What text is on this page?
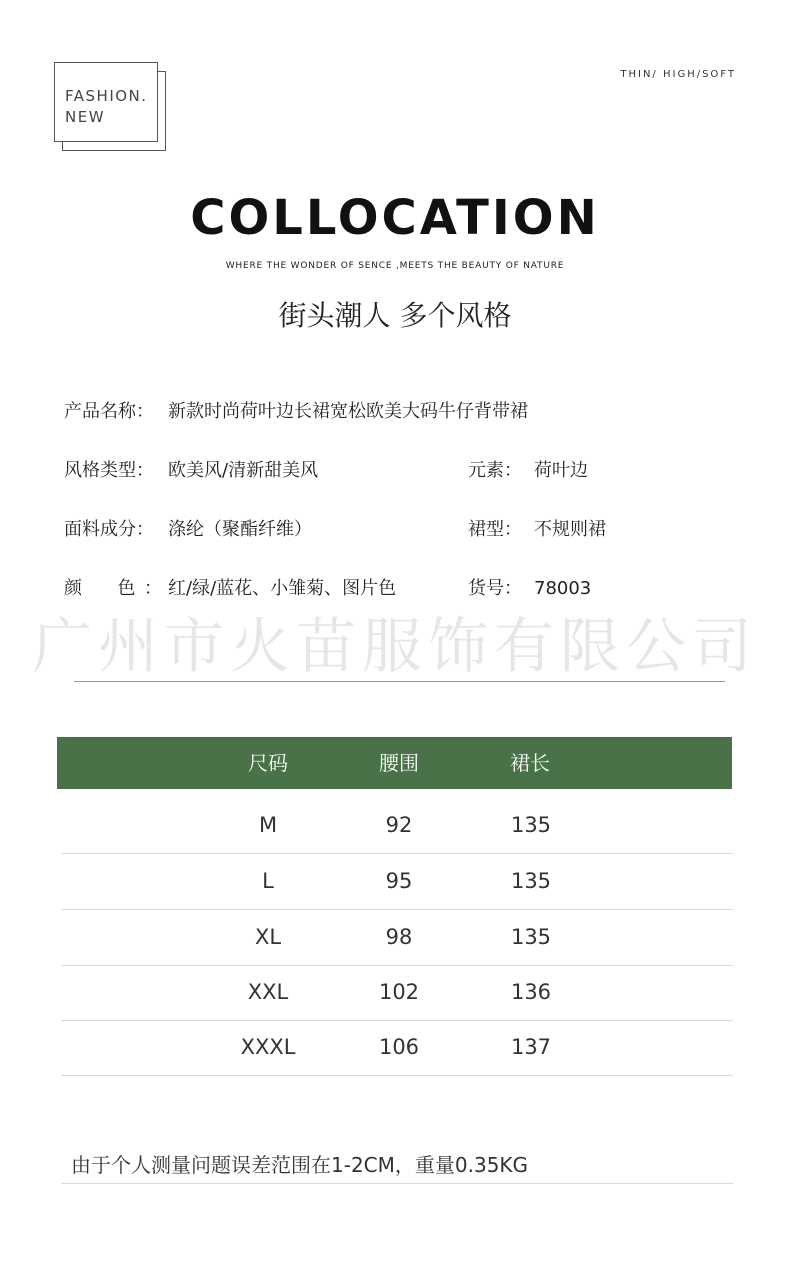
FASHION.
NEW
THIN/ HIGH/SOFT
COLLOCATION
WHERE THE WONDER OF SENCE ,MEETS THE BEAUTY OF NATURE
街头潮人 多个风格
产品名称： 新款时尚荷叶边长裙宽松欧美大码牛仔背带裙
风格类型： 欧美风/清新甜美风	元素： 荷叶边
面料成分： 涤纶（聚酯纤维）	裙型： 不规则裙
颜　色： 红/绿/蓝花、小雏菊、图片色	货号： 78003
广州市火苗服饰有限公司
尺码	腰围	裙长
M	92	135
L	95	135
XL	98	135
XXL	102	136
XXXL	106	137
由于个人测量问题误差范围在1-2CM，重量0.35KG
